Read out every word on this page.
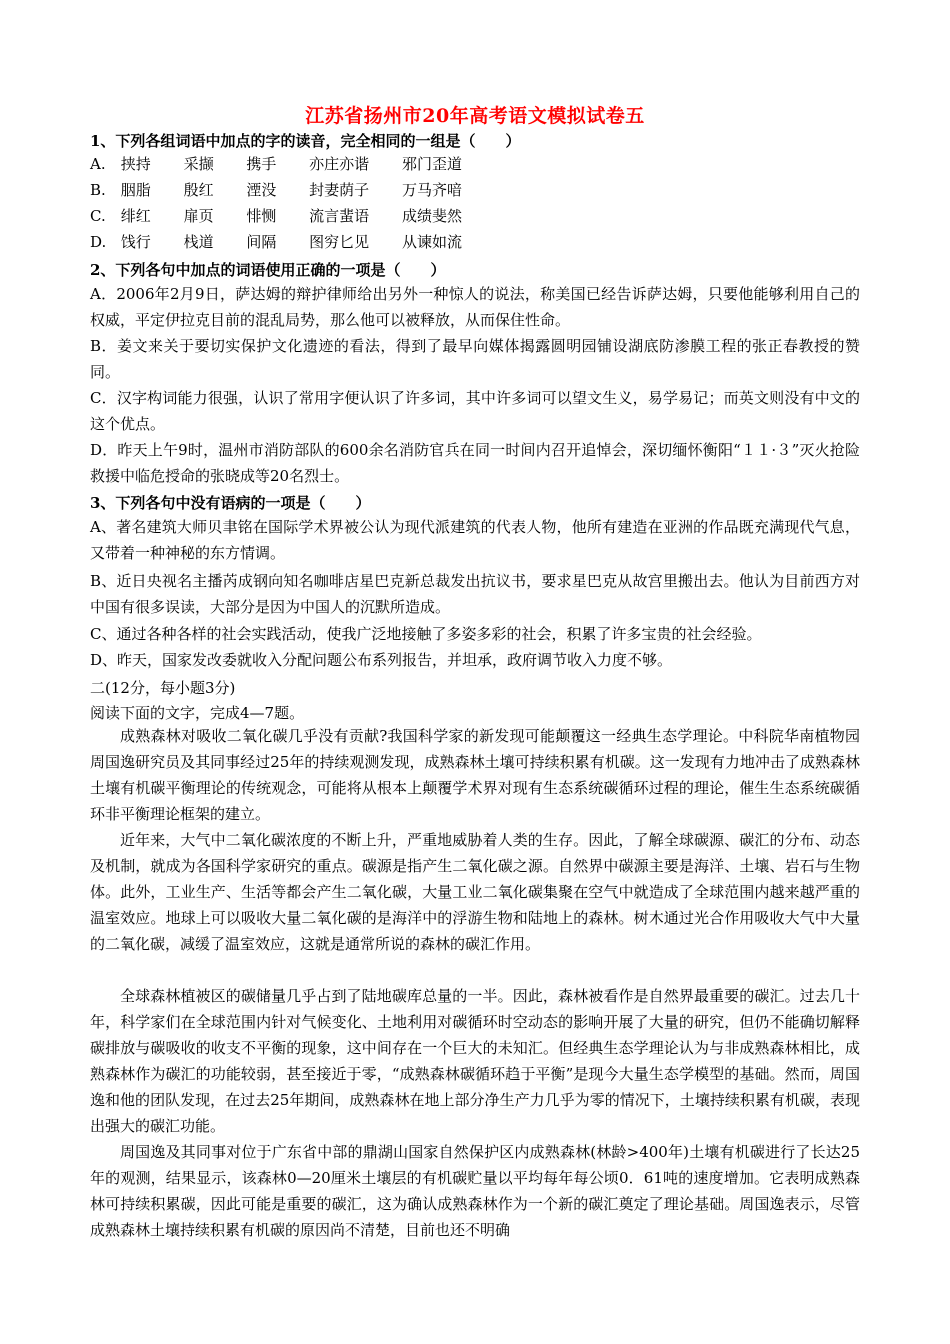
江苏省扬州市20年高考语文模拟试卷五
1、下列各组词语中加点的字的读音，完全相同的一组是（　　）
A. 挟持 采撷 携手 亦庄亦谐 邪门歪道
B. 胭脂 殷红 湮没 封妻荫子 万马齐喑
C. 绯红 扉页 悱恻 流言蜚语 成绩斐然
D. 饯行 栈道 间隔 图穷匕见 从谏如流
2、下列各句中加点的词语使用正确的一项是（　　）
A．2006年2月9日，萨达姆的辩护律师给出另外一种惊人的说法，称美国已经告诉萨达姆，只要他能够利用自己的权威，平定伊拉克目前的混乱局势，那么他可以被释放，从而保住性命。
B．姜文来关于要切实保护文化遗迹的看法，得到了最早向媒体揭露圆明园铺设湖底防渗膜工程的张正春教授的赞同。
C．汉字构词能力很强，认识了常用字便认识了许多词，其中许多词可以望文生义，易学易记；而英文则没有中文的这个优点。
D．昨天上午9时，温州市消防部队的600余名消防官兵在同一时间内召开追悼会，深切缅怀衡阳“１１·３”灭火抢险救援中临危授命的张晓成等20名烈士。
3、下列各句中没有语病的一项是（　　）
A、著名建筑大师贝聿铭在国际学术界被公认为现代派建筑的代表人物，他所有建造在亚洲的作品既充满现代气息，又带着一种神秘的东方情调。
B、近日央视名主播芮成钢向知名咖啡店星巴克新总裁发出抗议书，要求星巴克从故宫里搬出去。他认为目前西方对中国有很多误读，大部分是因为中国人的沉默所造成。
C、通过各种各样的社会实践活动，使我广泛地接触了多姿多彩的社会，积累了许多宝贵的社会经验。
D、昨天，国家发改委就收入分配问题公布系列报告，并坦承，政府调节收入力度不够。
二(12分，每小题3分)
阅读下面的文字，完成4—7题。
成熟森林对吸收二氧化碳几乎没有贡献?我国科学家的新发现可能颠覆这一经典生态学理论。中科院华南植物园周国逸研究员及其同事经过25年的持续观测发现，成熟森林土壤可持续积累有机碳。这一发现有力地冲击了成熟森林土壤有机碳平衡理论的传统观念，可能将从根本上颠覆学术界对现有生态系统碳循环过程的理论，催生生态系统碳循环非平衡理论框架的建立。
近年来，大气中二氧化碳浓度的不断上升，严重地威胁着人类的生存。因此，了解全球碳源、碳汇的分布、动态及机制，就成为各国科学家研究的重点。碳源是指产生二氧化碳之源。自然界中碳源主要是海洋、土壤、岩石与生物体。此外，工业生产、生活等都会产生二氧化碳，大量工业二氧化碳集聚在空气中就造成了全球范围内越来越严重的温室效应。地球上可以吸收大量二氧化碳的是海洋中的浮游生物和陆地上的森林。树木通过光合作用吸收大气中大量的二氧化碳，减缓了温室效应，这就是通常所说的森林的碳汇作用。
全球森林植被区的碳储量几乎占到了陆地碳库总量的一半。因此，森林被看作是自然界最重要的碳汇。过去几十年，科学家们在全球范围内针对气候变化、土地利用对碳循环时空动态的影响开展了大量的研究，但仍不能确切解释碳排放与碳吸收的收支不平衡的现象，这中间存在一个巨大的未知汇。但经典生态学理论认为与非成熟森林相比，成熟森林作为碳汇的功能较弱，甚至接近于零，“成熟森林碳循环趋于平衡”是现今大量生态学模型的基础。然而，周国逸和他的团队发现，在过去25年期间，成熟森林在地上部分净生产力几乎为零的情况下，土壤持续积累有机碳，表现出强大的碳汇功能。
周国逸及其同事对位于广东省中部的鼎湖山国家自然保护区内成熟森林(林龄>400年)土壤有机碳进行了长达25年的观测，结果显示，该森林0—20厘米土壤层的有机碳贮量以平均每年每公顷0．61吨的速度增加。它表明成熟森林可持续积累碳，因此可能是重要的碳汇，这为确认成熟森林作为一个新的碳汇奠定了理论基础。周国逸表示，尽管成熟森林土壤持续积累有机碳的原因尚不清楚，目前也还不明确
